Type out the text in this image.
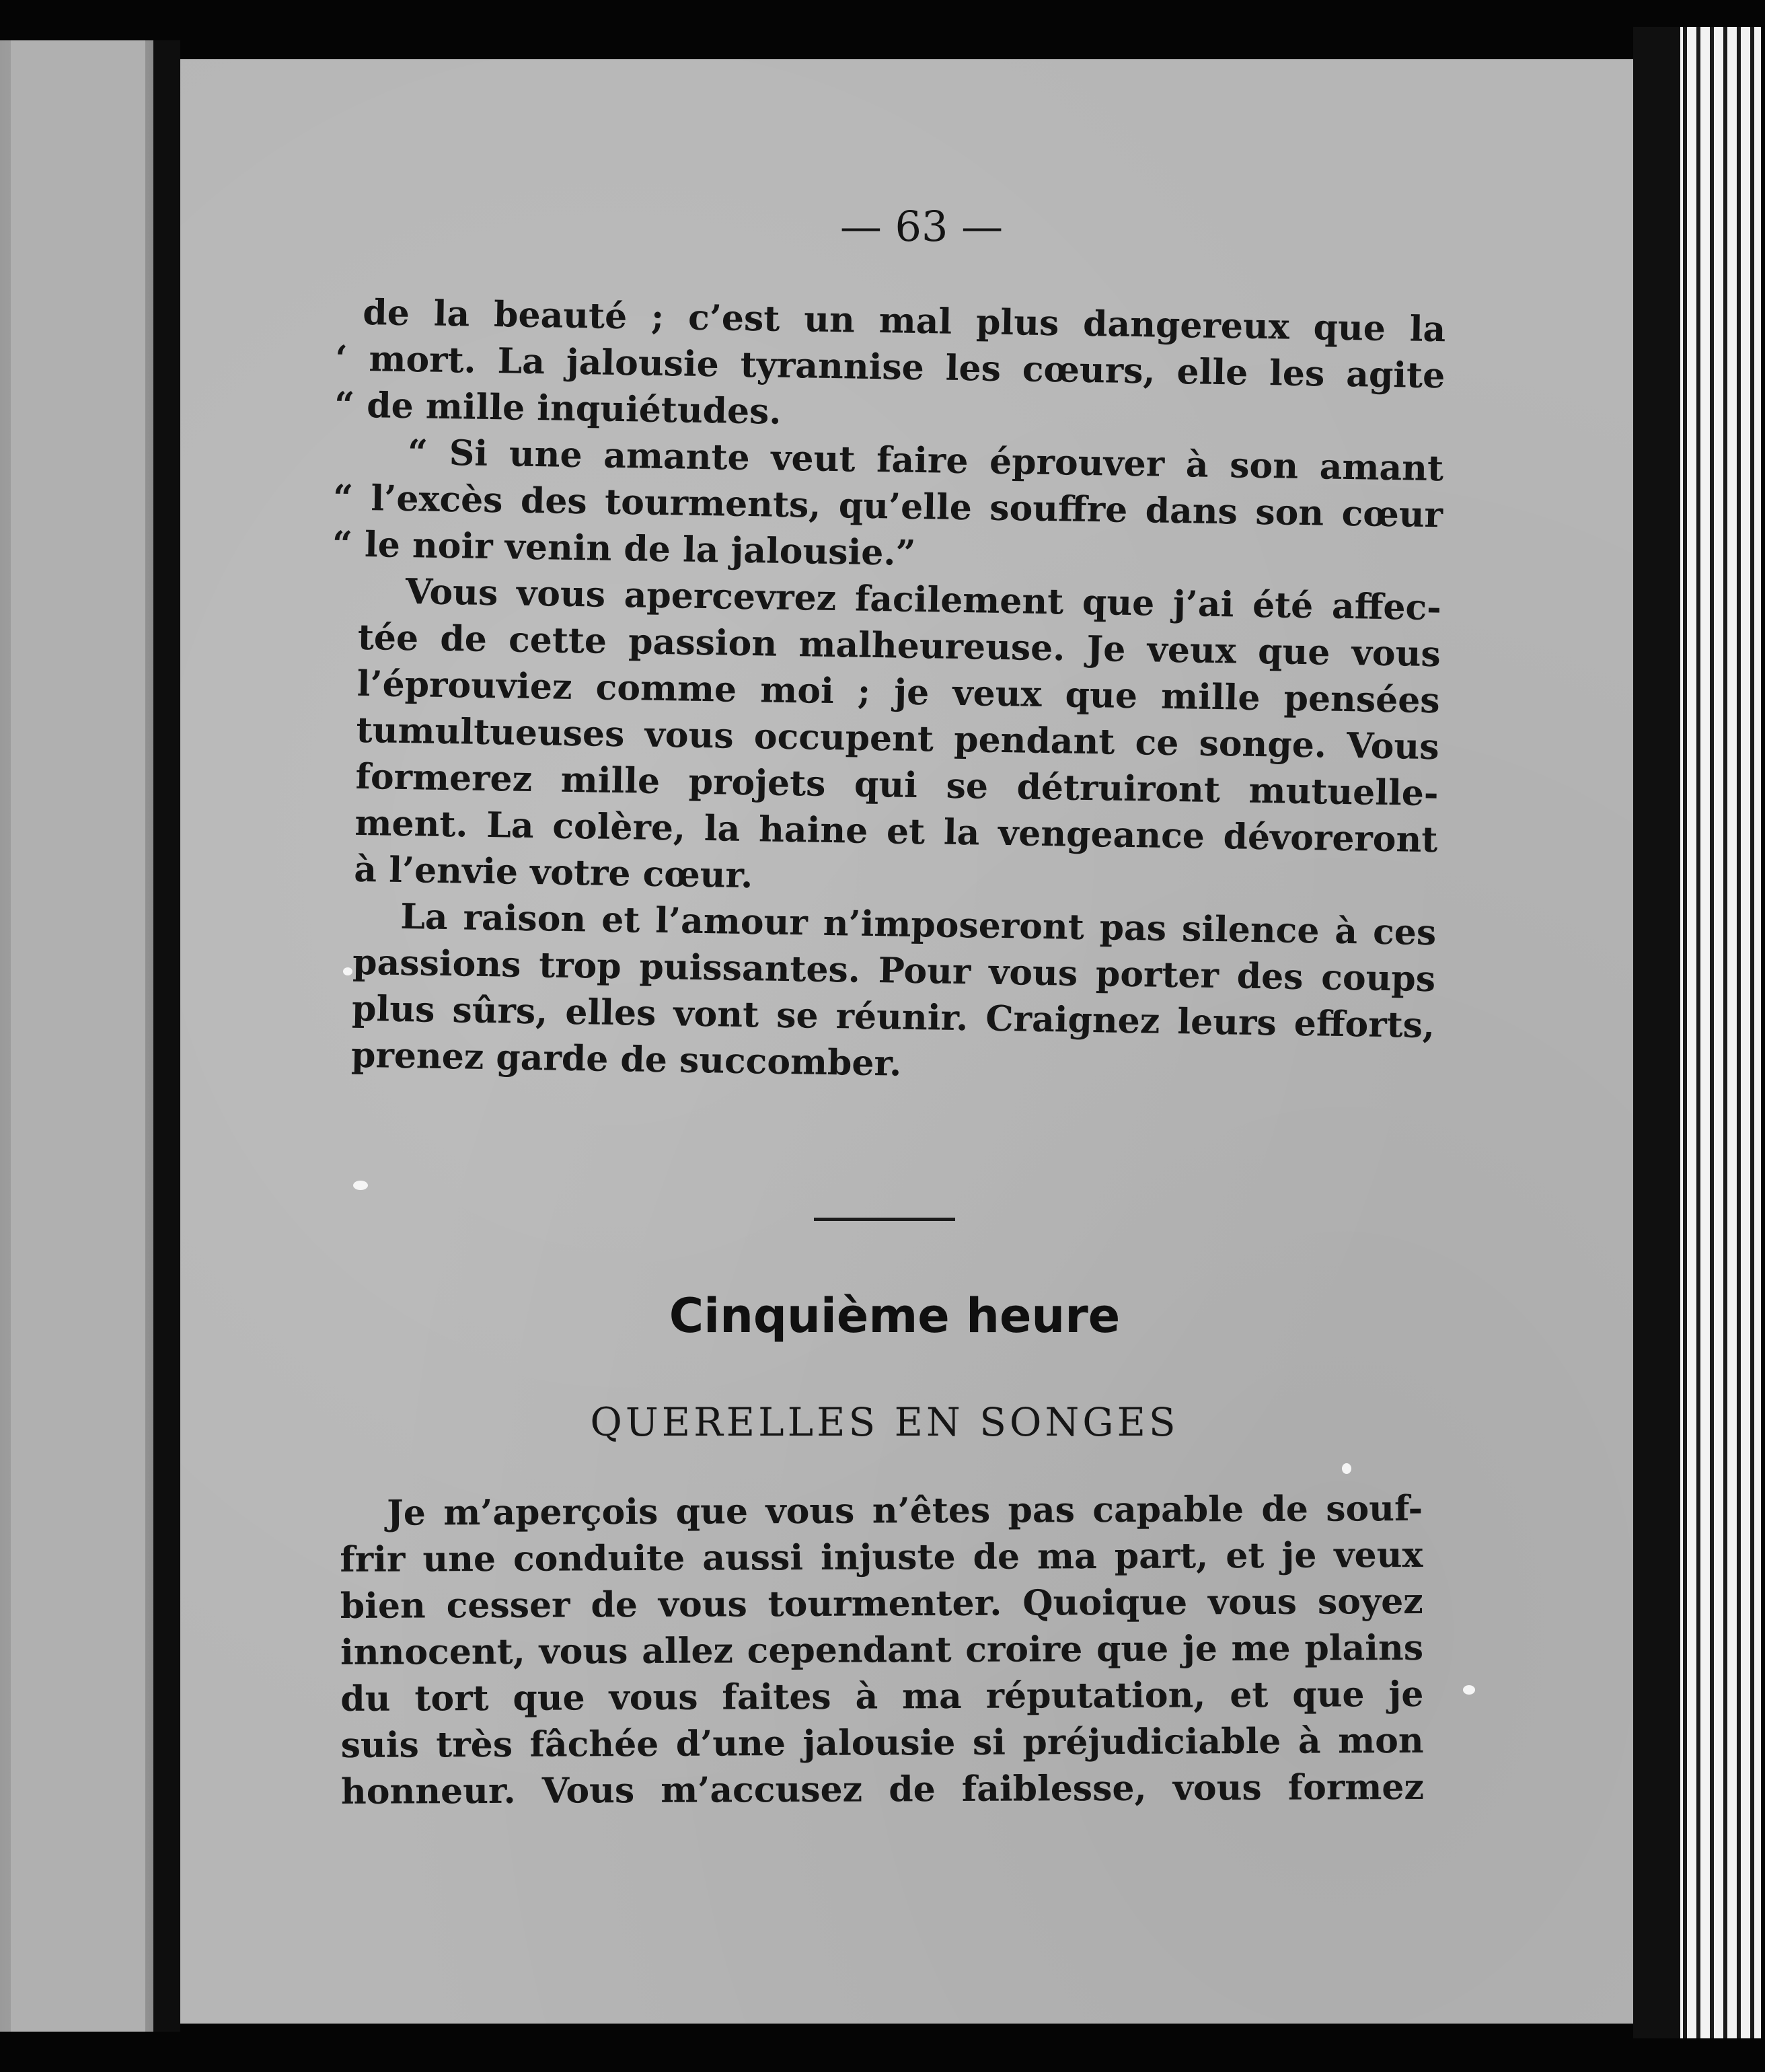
— 63 —
de la beauté ; c’est un mal plus dangereux que la
‘ mort. La jalousie tyrannise les cœurs, elle les agite
“ de mille inquiétudes.
“ Si une amante veut faire éprouver à son amant
“ l’excès des tourments, qu’elle souffre dans son cœur
“ le noir venin de la jalousie.”
Vous vous apercevrez facilement que j’ai été affec-
tée de cette passion malheureuse. Je veux que vous
l’éprouviez comme moi ; je veux que mille pensées
tumultueuses vous occupent pendant ce songe. Vous
formerez mille projets qui se détruiront mutuelle-
ment. La colère, la haine et la vengeance dévoreront
à l’envie votre cœur.
La raison et l’amour n’imposeront pas silence à ces
passions trop puissantes. Pour vous porter des coups
plus sûrs, elles vont se réunir. Craignez leurs efforts,
prenez garde de succomber.
Cinquième heure
QUERELLES EN SONGES
Je m’aperçois que vous n’êtes pas capable de souf-
frir une conduite aussi injuste de ma part, et je veux
bien cesser de vous tourmenter. Quoique vous soyez
innocent, vous allez cependant croire que je me plains
du tort que vous faites à ma réputation, et que je
suis très fâchée d’une jalousie si préjudiciable à mon
honneur. Vous m’accusez de faiblesse, vous formez
